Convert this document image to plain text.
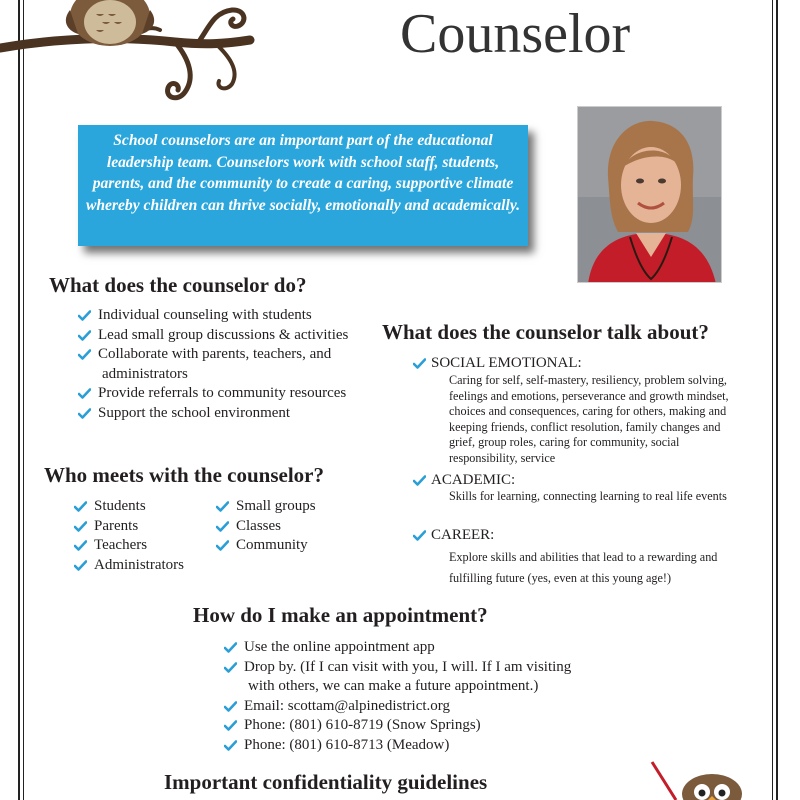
Counselor
School counselors are an important part of the educational leadership team. Counselors work with school staff, students, parents, and the community to create a caring, supportive climate whereby children can thrive socially, emotionally and academically.
What does the counselor do?
Individual counseling with students
Lead small group discussions & activities
Collaborate with parents, teachers, and
administrators
Provide referrals to community resources
Support the school environment
Who meets with the counselor?
Students
Parents
Teachers
Administrators
Small groups
Classes
Community
What does the counselor talk about?
SOCIAL EMOTIONAL:
Caring for self, self-mastery, resiliency, problem solving, feelings and emotions, perseverance and growth mindset, choices and consequences, caring for others, making and keeping friends, conflict resolution, family changes and grief, group roles, caring for community, social responsibility, service
ACADEMIC:
Skills for learning, connecting learning to real life events
CAREER:
Explore skills and abilities that lead to a rewarding and fulfilling future (yes, even at this young age!)
How do I make an appointment?
Use the online appointment app
Drop by. (If I can visit with you, I will. If I am visiting
with others, we can make a future appointment.)
Email: scottam@alpinedistrict.org
Phone: (801) 610-8719 (Snow Springs)
Phone: (801) 610-8713 (Meadow)
Important confidentiality guidelines
